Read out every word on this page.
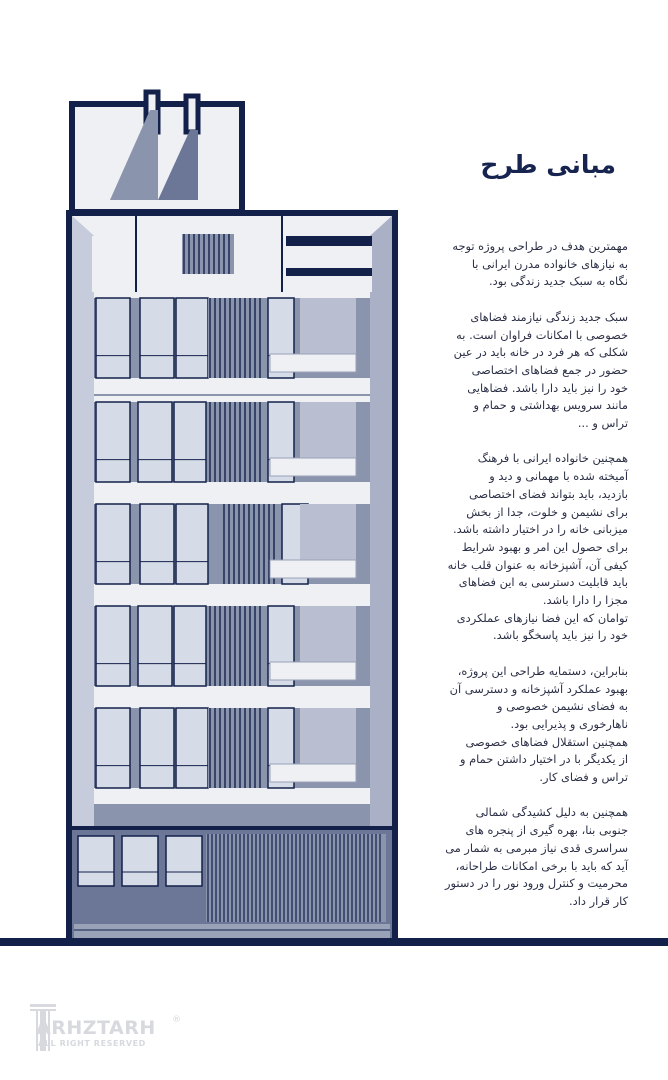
مبانی طرح

مهمترین هدف در طراحی پروژه توجه
به نیازهای خانواده مدرن ایرانی با
نگاه به سبک جدید زندگی بود.

سبک جدید زندگی نیازمند فضاهای
خصوصی با امکانات فراوان است. به
شکلی که هر فرد در خانه باید در عین
حضور در جمع فضاهای اختصاصی
خود را نیز باید دارا باشد. فضاهایی
مانند سرویس بهداشتی و حمام و
تراس و ...

همچنین خانواده ایرانی با فرهنگ
آمیخته شده با مهمانی و دید و
بازدید، باید بتواند فضای اختصاصی
برای نشیمن و خلوت، جدا از بخش
میزبانی خانه را در اختیار داشته باشد.
برای حصول این امر و بهبود شرایط
کیفی آن، آشپزخانه به عنوان قلب خانه
باید قابلیت دسترسی به این فضاهای
مجزا را دارا باشد.
توامان که این فضا نیازهای عملکردی
خود را نیز باید پاسخگو باشد.

بنابراین، دستمایه طراحی این پروژه،
بهبود عملکرد آشپزخانه و دسترسی آن
به فضای نشیمن خصوصی و
ناهارخوری و پذیرایی بود.
همچنین استقلال فضاهای خصوصی
از یکدیگر با در اختیار داشتن حمام و
تراس و فضای کار.

همچنین به دلیل کشیدگی شمالی
جنوبی بنا، بهره گیری از پنجره های
سراسری قدی نیاز مبرمی به شمار می
آید که باید با برخی امکانات طراحانه،
محرمیت و کنترل ورود نور را در دستور
کار قرار داد.

ARHZTARH
ALL RIGHT RESERVED
®
